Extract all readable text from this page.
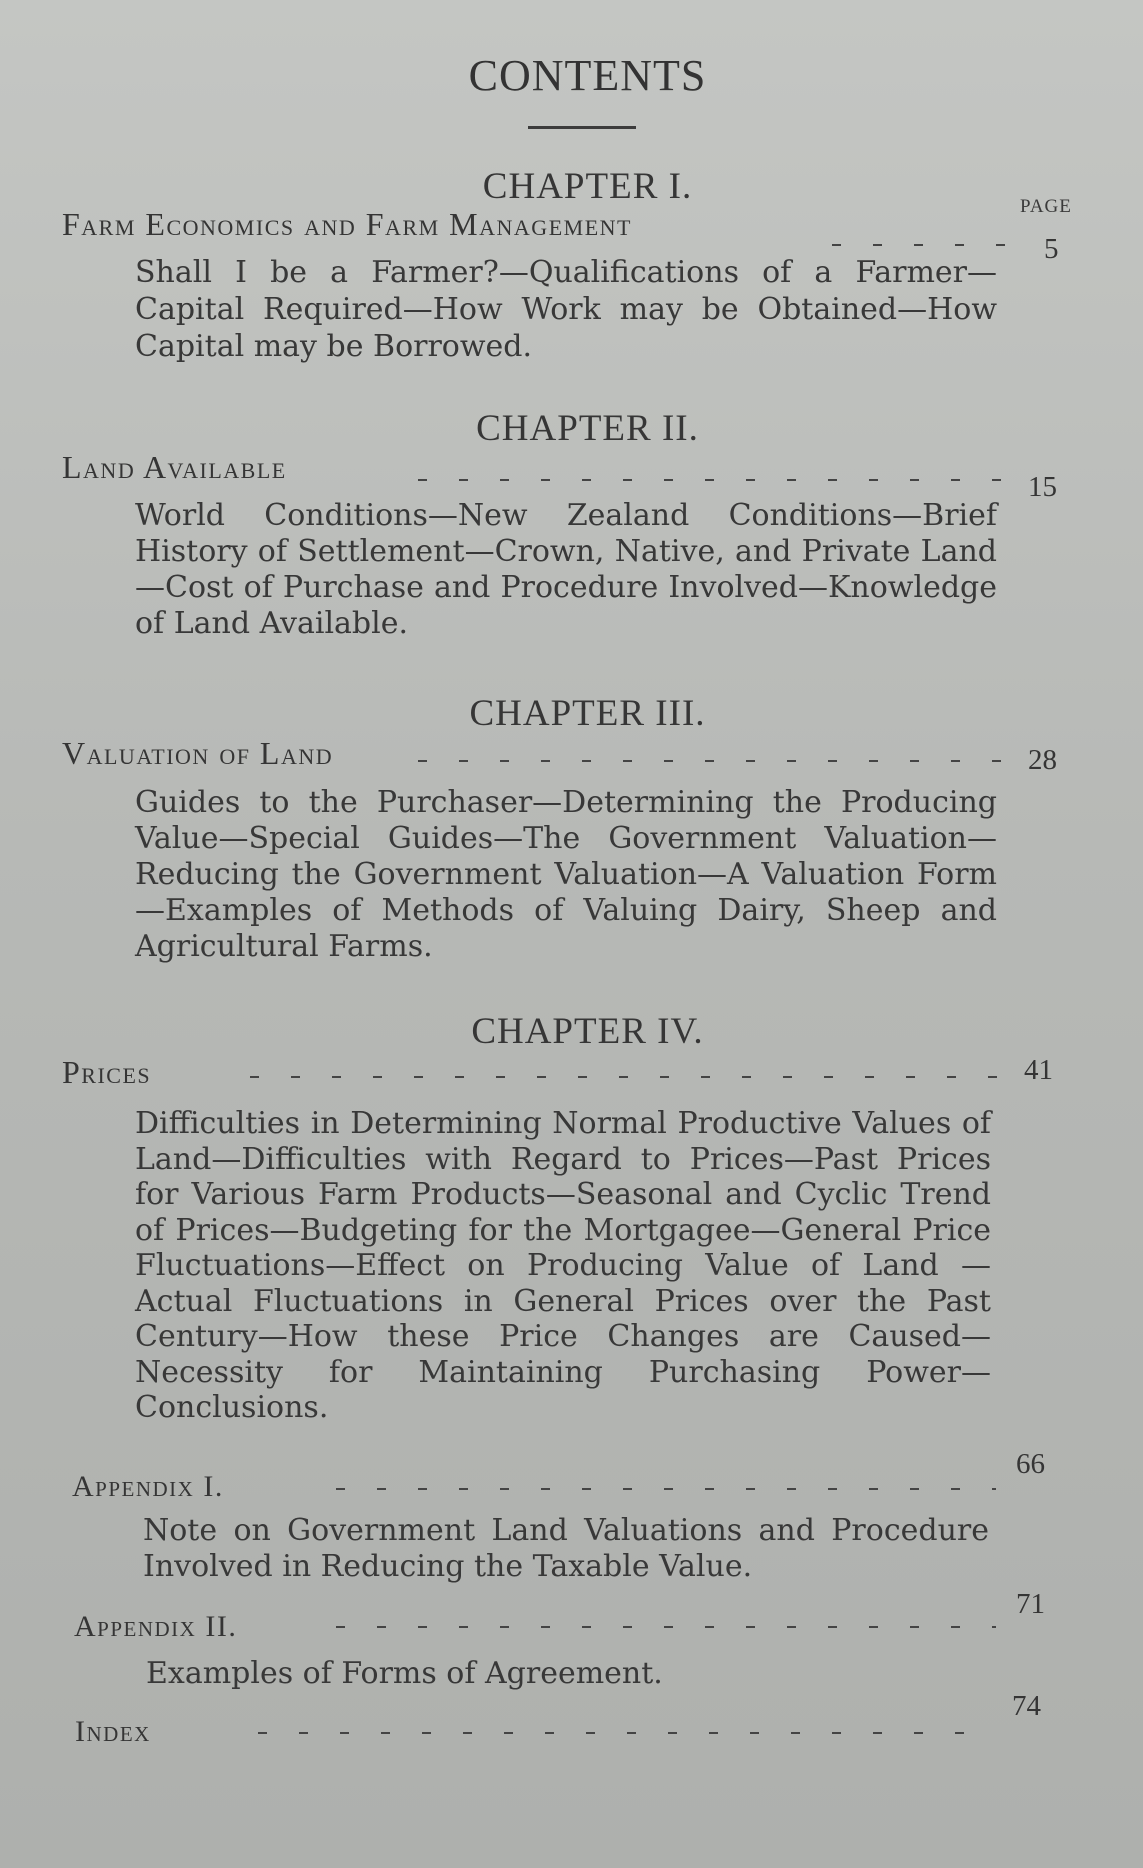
CONTENTS
PAGE
CHAPTER I.
Farm Economics and Farm Management
5
Shall I be a Farmer?—Qualifications of a Farmer—Capital Required—How Work may be Obtained—How Capital may be Borrowed.
CHAPTER II.
Land Available
15
World Conditions—New Zealand Conditions—Brief History of Settlement—Crown, Native, and Private Land—Cost of Purchase and Procedure Involved—Knowledge of Land Available.
CHAPTER III.
Valuation of Land	28
Guides to the Purchaser—Determining the Producing Value—Special Guides—The Government Valuation—Reducing the Government Valuation—A Valuation Form—Examples of Methods of Valuing Dairy, Sheep and Agricultural Farms.
CHAPTER IV.
Prices	41
Difficulties in Determining Normal Productive Values of Land—Difficulties with Regard to Prices—Past Prices for Various Farm Products—Seasonal and Cyclic Trend of Prices—Budgeting for the Mortgagee—General Price Fluctuations—Effect on Producing Value of Land — Actual Fluctuations in General Prices over the Past Century—How these Price Changes are Caused—Necessity for Maintaining Purchasing Power—Conclusions.
66
Appendix I.
Note on Government Land Valuations and Procedure Involved in Reducing the Taxable Value.
71
Appendix II.
Examples of Forms of Agreement.
74
Index
